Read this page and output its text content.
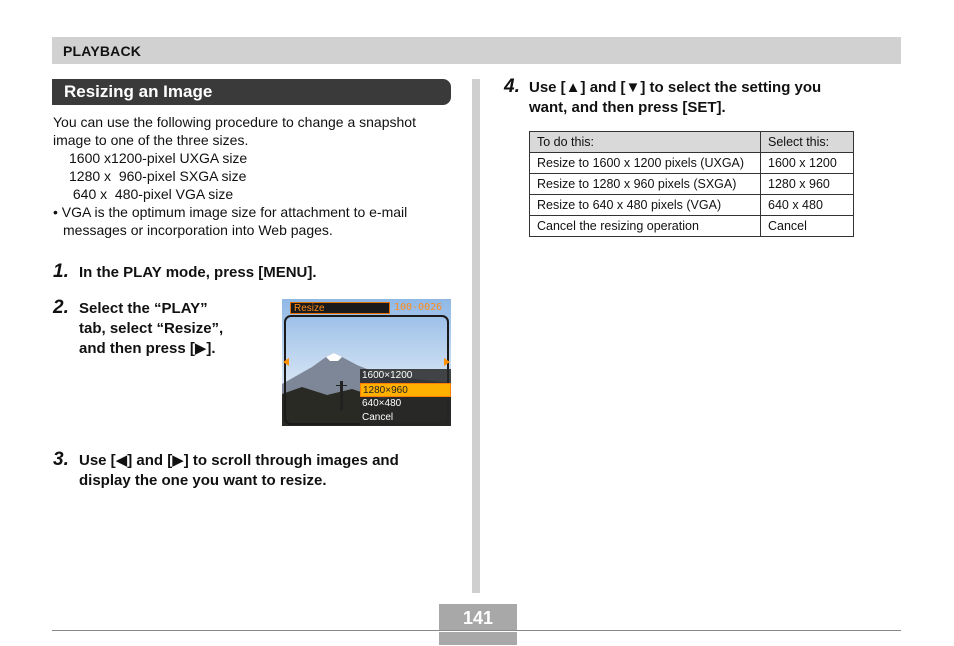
PLAYBACK
Resizing an Image
You can use the following procedure to change a snapshot
image to one of the three sizes.
1600 x1200-pixel UXGA size
1280 x  960-pixel SXGA size
640 x  480-pixel VGA size
• VGA is the optimum image size for attachment to e-mail
messages or incorporation into Web pages.
1. In the PLAY mode, press [MENU].
2. Select the “PLAY”
tab, select “Resize”,
and then press [▶].
Resize	100-0026
1600×1200
1280×960
640×480
Cancel
3. Use [◀] and [▶] to scroll through images and
display the one you want to resize.
4. Use [▲] and [▼] to select the setting you
want, and then press [SET].
To do this:	Select this:
Resize to 1600 x 1200 pixels (UXGA)	1600 x 1200
Resize to 1280 x 960 pixels (SXGA)	1280 x 960
Resize to 640 x 480 pixels (VGA)	640 x 480
Cancel the resizing operation	Cancel
141
